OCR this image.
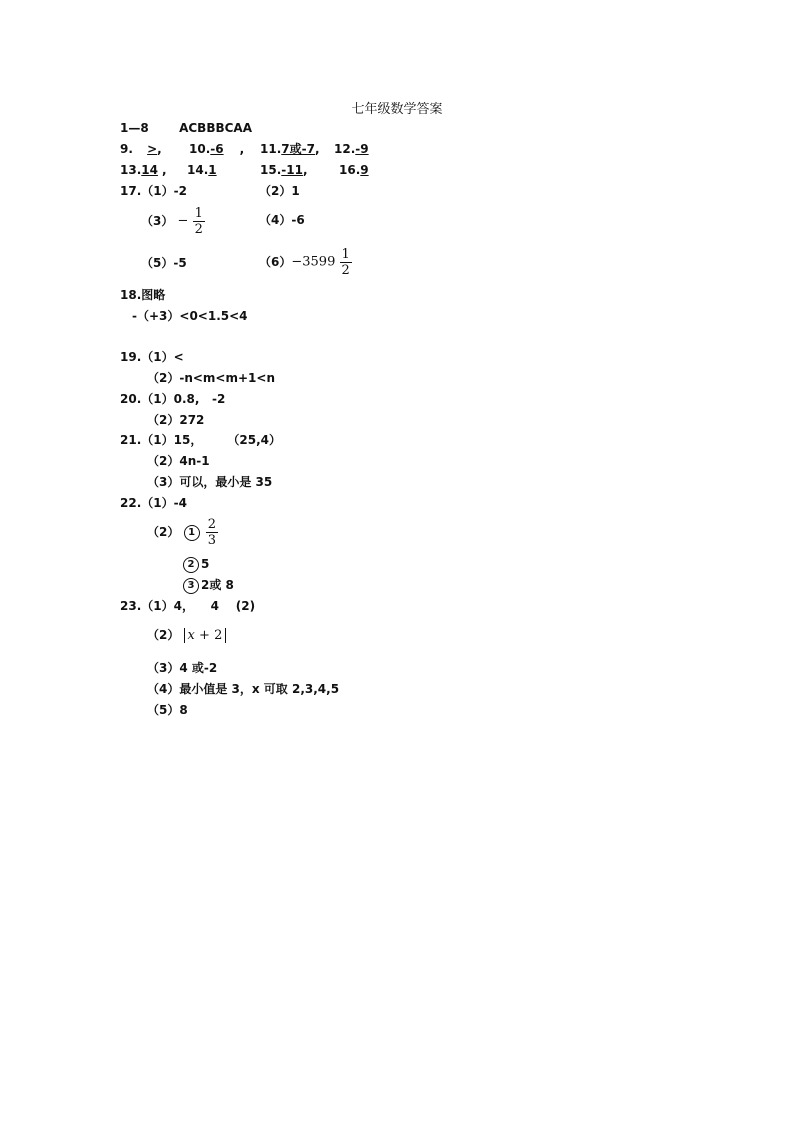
七年级数学答案
1—8	ACBBBCAA
9. >, 10.-6 , 11.7或-7, 12.-9
13.14 , 14.1	15.-11,	16.9
17.（1）-2	（2）1
$(3) - \frac{1}{2}$	（4）-6
（5）-5	$(6)-3599 \frac{1}{2}$
18.图略
-（+3）<0<1.5<4
19.（1）<
（2）-n<m<m+1<n
20.（1）0.8,   -2
（2）272
21.（1）15，      （25,4）
（2）4n-1
（3）可以，最小是 35
22.（1）-4
（2） $1 \frac{2}{3}$
2 5
3 2或 8
23.（1）4，    4    (2)
（2） x + 2
（3）4 或-2
（4）最小值是 3，x 可取 2,3,4,5
（5）8
